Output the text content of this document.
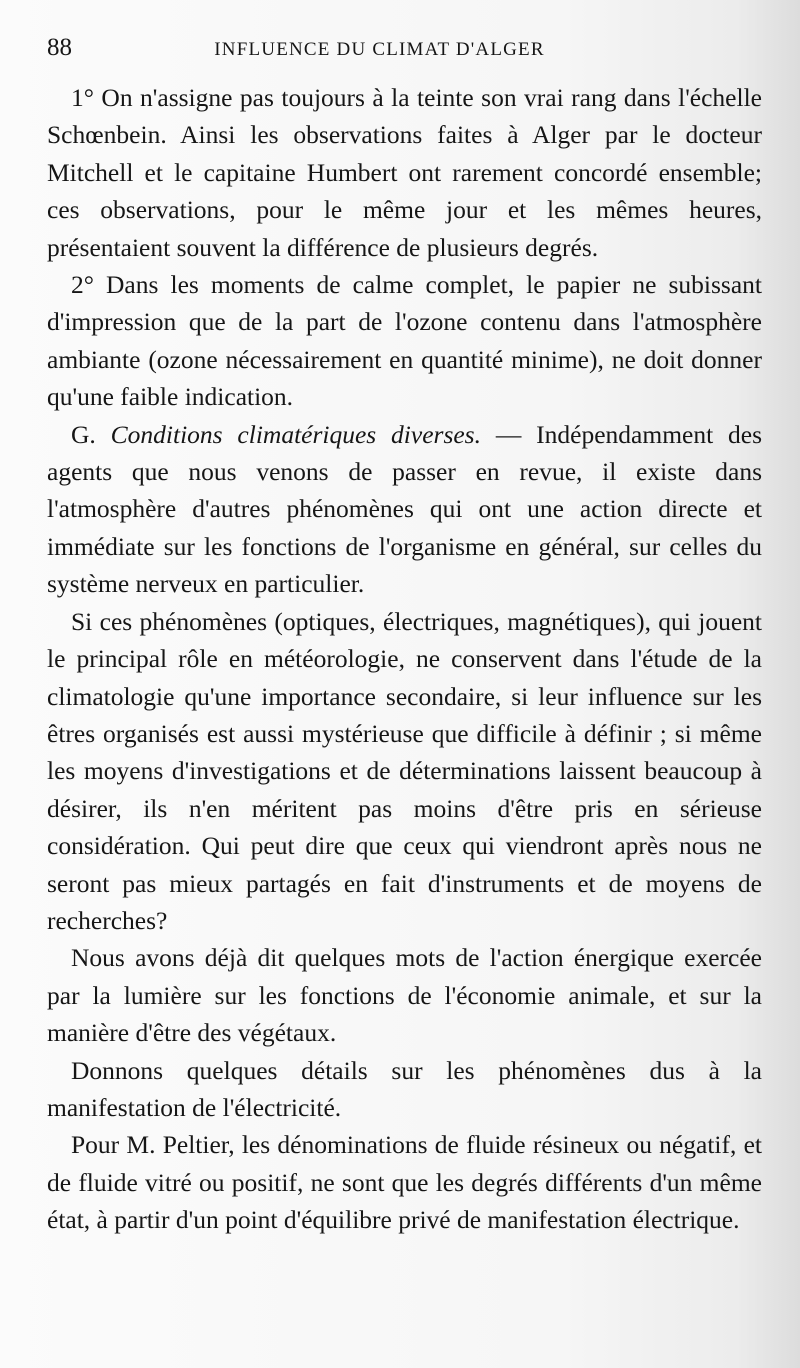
88	INFLUENCE DU CLIMAT D'ALGER

1° On n'assigne pas toujours à la teinte son vrai rang dans l'échelle Schœnbein. Ainsi les observations faites à Alger par le docteur Mitchell et le capitaine Humbert ont rarement concordé ensemble; ces observations, pour le même jour et les mêmes heures, présentaient souvent la différence de plusieurs degrés.

2° Dans les moments de calme complet, le papier ne subissant d'impression que de la part de l'ozone contenu dans l'atmosphère ambiante (ozone nécessairement en quantité minime), ne doit donner qu'une faible indication.

G. Conditions climatériques diverses. — Indépendamment des agents que nous venons de passer en revue, il existe dans l'atmosphère d'autres phénomènes qui ont une action directe et immédiate sur les fonctions de l'organisme en général, sur celles du système nerveux en particulier.

Si ces phénomènes (optiques, électriques, magnétiques), qui jouent le principal rôle en météorologie, ne conservent dans l'étude de la climatologie qu'une importance secondaire, si leur influence sur les êtres organisés est aussi mystérieuse que difficile à définir ; si même les moyens d'investigations et de déterminations laissent beaucoup à désirer, ils n'en méritent pas moins d'être pris en sérieuse considération. Qui peut dire que ceux qui viendront après nous ne seront pas mieux partagés en fait d'instruments et de moyens de recherches?

Nous avons déjà dit quelques mots de l'action énergique exercée par la lumière sur les fonctions de l'économie animale, et sur la manière d'être des végétaux.

Donnons quelques détails sur les phénomènes dus à la manifestation de l'électricité.

Pour M. Peltier, les dénominations de fluide résineux ou négatif, et de fluide vitré ou positif, ne sont que les degrés différents d'un même état, à partir d'un point d'équilibre privé de manifestation électrique.
